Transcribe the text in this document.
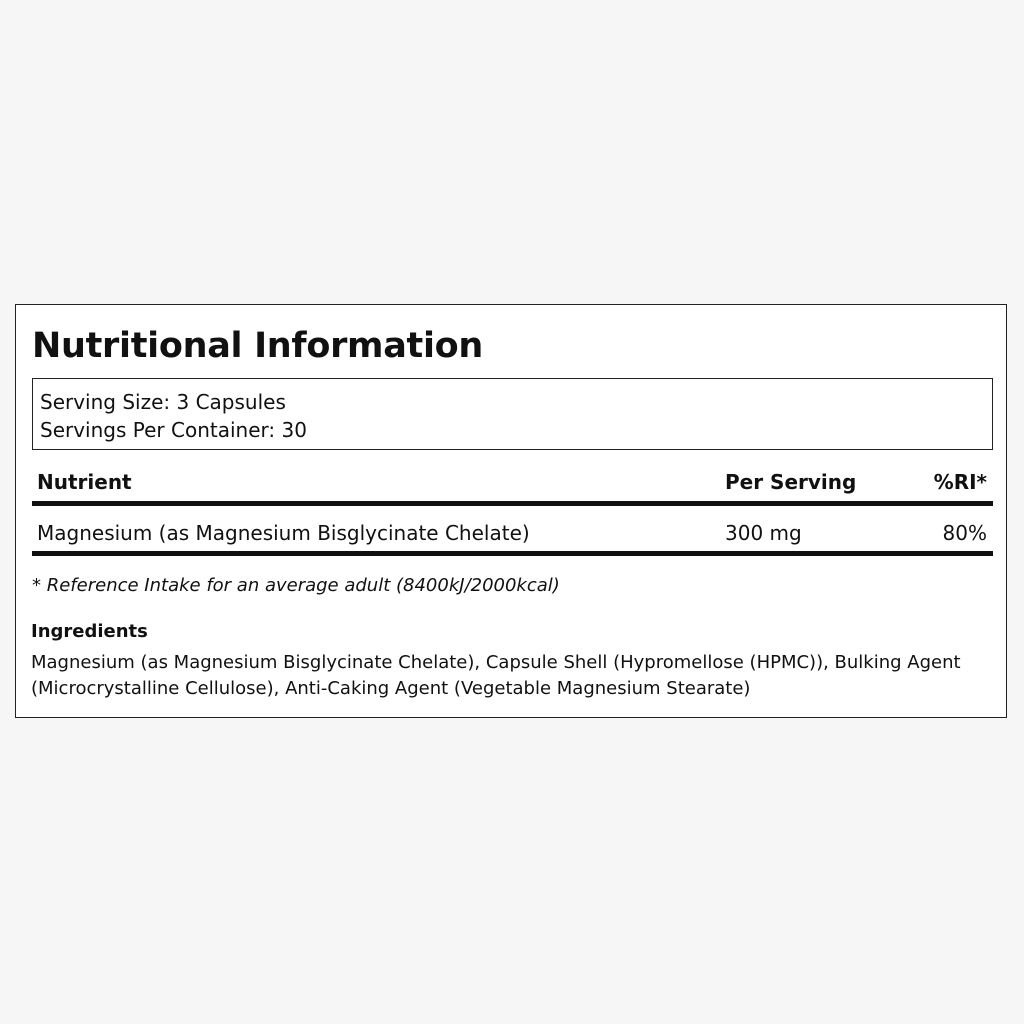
Nutritional Information
Serving Size: 3 Capsules
Servings Per Container: 30
Nutrient	Per Serving	%RI*
Magnesium (as Magnesium Bisglycinate Chelate)	300 mg	80%
* Reference Intake for an average adult (8400kJ/2000kcal)
Ingredients
Magnesium (as Magnesium Bisglycinate Chelate), Capsule Shell (Hypromellose (HPMC)), Bulking Agent (Microcrystalline Cellulose), Anti-Caking Agent (Vegetable Magnesium Stearate)
